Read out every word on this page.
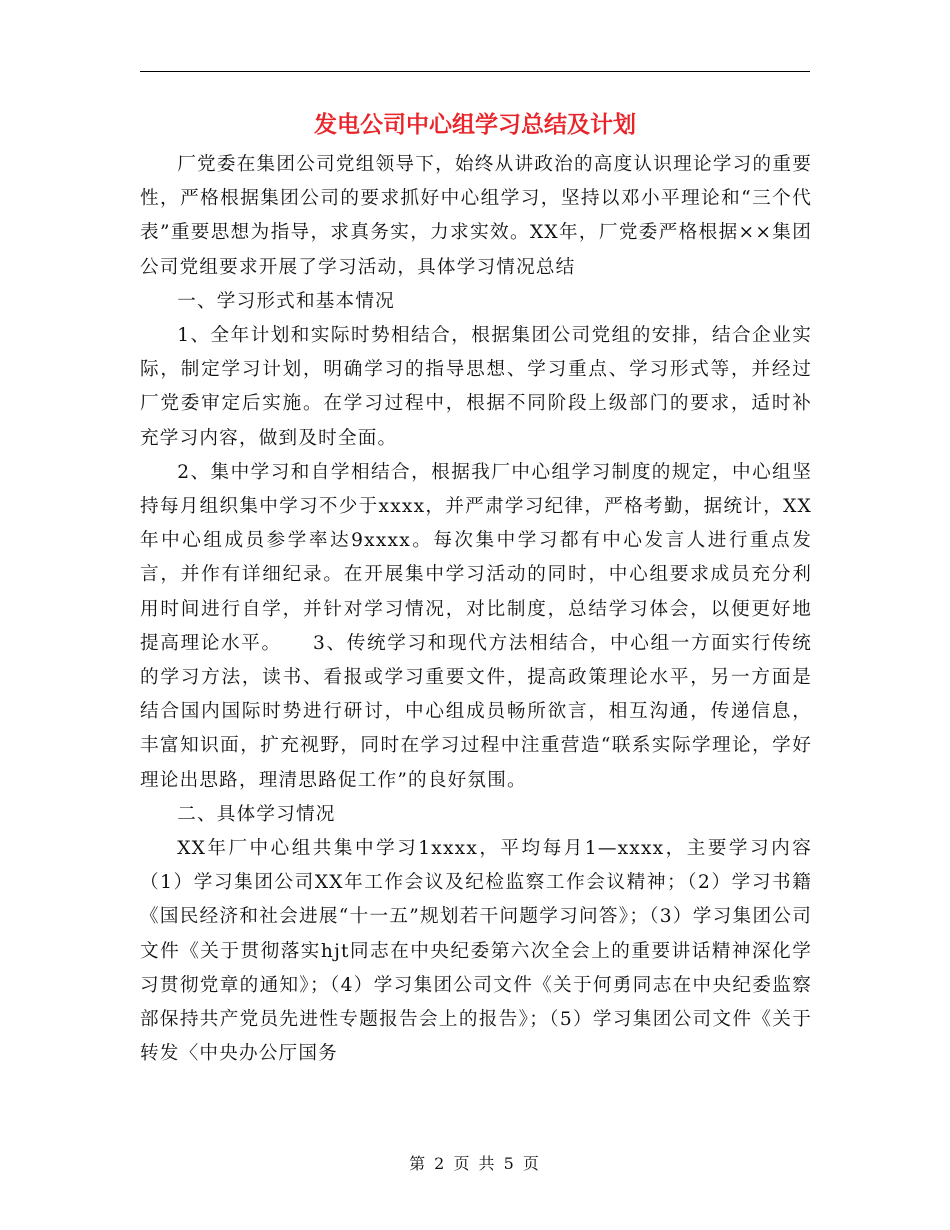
发电公司中心组学习总结及计划

厂党委在集团公司党组领导下，始终从讲政治的高度认识理论学习的重要性，严格根据集团公司的要求抓好中心组学习，坚持以邓小平理论和“三个代表”重要思想为指导，求真务实，力求实效。XX年，厂党委严格根据××集团公司党组要求开展了学习活动，具体学习情况总结

一、学习形式和基本情况

1、全年计划和实际时势相结合，根据集团公司党组的安排，结合企业实际，制定学习计划，明确学习的指导思想、学习重点、学习形式等，并经过厂党委审定后实施。在学习过程中，根据不同阶段上级部门的要求，适时补充学习内容，做到及时全面。

2、集中学习和自学相结合，根据我厂中心组学习制度的规定，中心组坚持每月组织集中学习不少于xxxx，并严肃学习纪律，严格考勤，据统计，XX年中心组成员参学率达9xxxx。每次集中学习都有中心发言人进行重点发言，并作有详细纪录。在开展集中学习活动的同时，中心组要求成员充分利用时间进行自学，并针对学习情况，对比制度，总结学习体会，以便更好地提高理论水平。　　3、传统学习和现代方法相结合，中心组一方面实行传统的学习方法，读书、看报或学习重要文件，提高政策理论水平，另一方面是结合国内国际时势进行研讨，中心组成员畅所欲言，相互沟通，传递信息，丰富知识面，扩充视野，同时在学习过程中注重营造“联系实际学理论，学好理论出思路，理清思路促工作”的良好氛围。

二、具体学习情况

XX年厂中心组共集中学习1xxxx，平均每月1—xxxx，主要学习内容（1）学习集团公司XX年工作会议及纪检监察工作会议精神；（2）学习书籍《国民经济和社会进展“十一五”规划若干问题学习问答》；（3）学习集团公司文件《关于贯彻落实hjt同志在中央纪委第六次全会上的重要讲话精神深化学习贯彻党章的通知》；（4）学习集团公司文件《关于何勇同志在中央纪委监察部保持共产党员先进性专题报告会上的报告》；（5）学习集团公司文件《关于转发〈中央办公厅国务

第 2 页 共 5 页
